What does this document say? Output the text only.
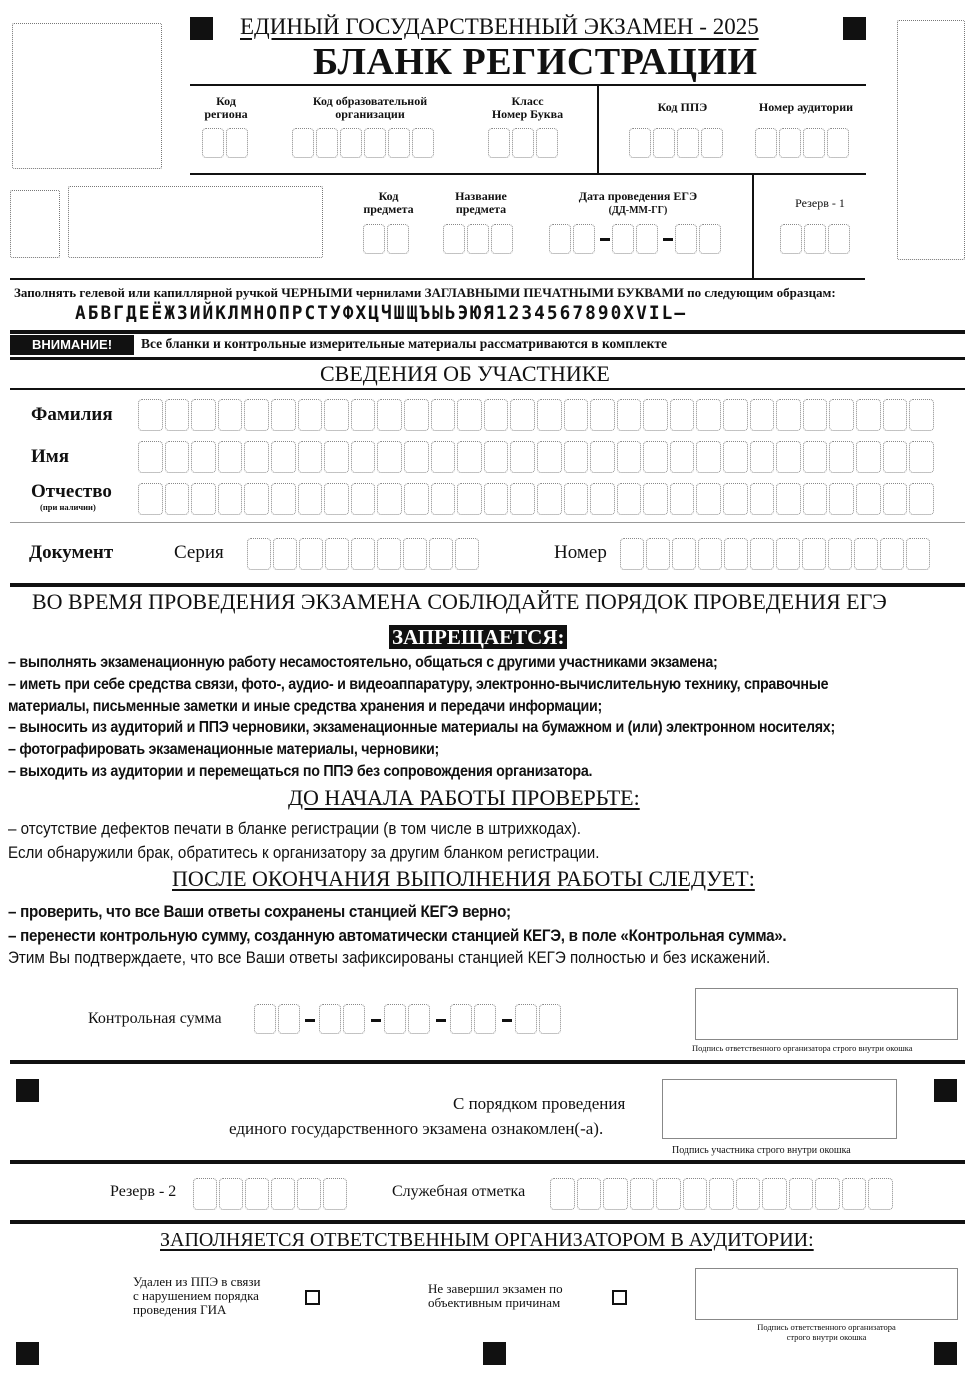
ЕДИНЫЙ ГОСУДАРСТВЕННЫЙ ЭКЗАМЕН - 2025
БЛАНК РЕГИСТРАЦИИ
Код
региона
Код образовательной
организации
Класс
Номер Буква	Код ППЭ	Номер аудитории
Код
предмета
Название
предмета
Дата проведения ЕГЭ
(ДД-ММ-ГГ)
Резерв - 1
Заполнять гелевой или капиллярной ручкой ЧЕРНЫМИ чернилами ЗАГЛАВНЫМИ ПЕЧАТНЫМИ БУКВАМИ по следующим образцам:
АБВГДЕЁЖЗИЙКЛМНОПРСТУФХЦЧШЩЪЫЬЭЮЯ1234567890XVIL–
ВНИМАНИЕ!	Все бланки и контрольные измерительные материалы рассматриваются в комплекте
СВЕДЕНИЯ ОБ УЧАСТНИКЕ
Фамилия
Имя
Отчество
(при наличии)
Документ	Серия	Номер
ВО ВРЕМЯ ПРОВЕДЕНИЯ ЭКЗАМЕНА СОБЛЮДАЙТЕ ПОРЯДОК ПРОВЕДЕНИЯ ЕГЭ
ЗАПРЕЩАЕТСЯ:
– выполнять экзаменационную работу несамостоятельно, общаться с другими участниками экзамена;
– иметь при себе средства связи, фото-, аудио- и видеоаппаратуру, электронно-вычислительную технику, справочные
материалы, письменные заметки и иные средства хранения и передачи информации;
– выносить из аудиторий и ППЭ черновики, экзаменационные материалы на бумажном и (или) электронном носителях;
– фотографировать экзаменационные материалы, черновики;
– выходить из аудитории и перемещаться по ППЭ без сопровождения организатора.
ДО НАЧАЛА РАБОТЫ ПРОВЕРЬТЕ:
– отсутствие дефектов печати в бланке регистрации (в том числе в штрихкодах).
Если обнаружили брак, обратитесь к организатору за другим бланком регистрации.
ПОСЛЕ ОКОНЧАНИЯ ВЫПОЛНЕНИЯ РАБОТЫ СЛЕДУЕТ:
– проверить, что все Ваши ответы сохранены станцией КЕГЭ верно;
– перенести контрольную сумму, созданную автоматически станцией КЕГЭ, в поле «Контрольная сумма».
Этим Вы подтверждаете, что все Ваши ответы зафиксированы станцией КЕГЭ полностью и без искажений.
Контрольная сумма
Подпись ответственного организатора строго внутри окошка
С порядком проведения
единого государственного экзамена ознакомлен(-а).
Подпись участника строго внутри окошка
Резерв - 2	Служебная отметка
ЗАПОЛНЯЕТСЯ ОТВЕТСТВЕННЫМ ОРГАНИЗАТОРОМ В АУДИТОРИИ:
Удален из ППЭ в связи
с нарушением порядка
проведения ГИА
Не завершил экзамен по
объективным причинам
Подпись ответственного организатора
строго внутри окошка
